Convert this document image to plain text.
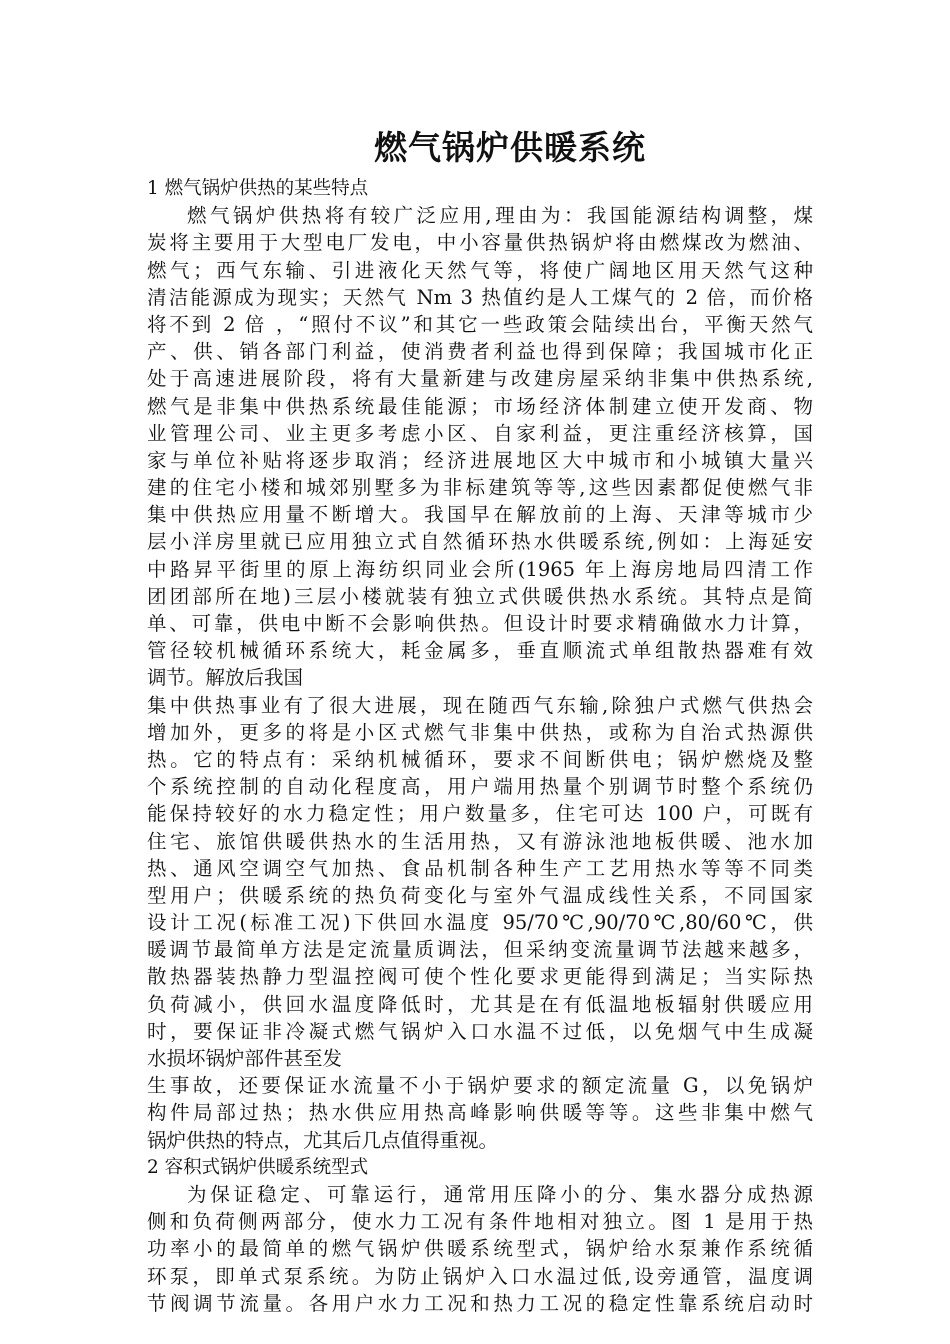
燃气锅炉供暖系统
1 燃气锅炉供热的某些特点
燃气锅炉供热将有较广泛应用,理由为：我国能源结构调整，煤
炭将主要用于大型电厂发电，中小容量供热锅炉将由燃煤改为燃油、
燃气；西气东输、引进液化天然气等，将使广阔地区用天然气这种
清洁能源成为现实；天然气 Nm 3 热值约是人工煤气的 2 倍，而价格
将不到 2 倍 ，“照付不议”和其它一些政策会陆续出台，平衡天然气
产、供、销各部门利益，使消费者利益也得到保障；我国城市化正
处于高速进展阶段，将有大量新建与改建房屋采纳非集中供热系统,
燃气是非集中供热系统最佳能源；市场经济体制建立使开发商、物
业管理公司、业主更多考虑小区、自家利益，更注重经济核算，国
家与单位补贴将逐步取消；经济进展地区大中城市和小城镇大量兴
建的住宅小楼和城郊别墅多为非标建筑等等,这些因素都促使燃气非
集中供热应用量不断增大。我国早在解放前的上海、天津等城市少
层小洋房里就已应用独立式自然循环热水供暖系统,例如：上海延安
中路昇平街里的原上海纺织同业会所(1965 年上海房地局四清工作
团团部所在地)三层小楼就装有独立式供暖供热水系统。其特点是简
单、可靠，供电中断不会影响供热。但设计时要求精确做水力计算，
管径较机械循环系统大，耗金属多，垂直顺流式单组散热器难有效
调节。解放后我国
集中供热事业有了很大进展，现在随西气东输,除独户式燃气供热会
增加外，更多的将是小区式燃气非集中供热，或称为自治式热源供
热。它的特点有：采纳机械循环，要求不间断供电；锅炉燃烧及整
个系统控制的自动化程度高，用户端用热量个别调节时整个系统仍
能保持较好的水力稳定性；用户数量多，住宅可达 100 户，可既有
住宅、旅馆供暖供热水的生活用热，又有游泳池地板供暖、池水加
热、通风空调空气加热、食品机制各种生产工艺用热水等等不同类
型用户；供暖系统的热负荷变化与室外气温成线性关系，不同国家
设计工况(标准工况)下供回水温度 95/70℃,90/70℃,80/60℃，供
暖调节最简单方法是定流量质调法，但采纳变流量调节法越来越多，
散热器装热静力型温控阀可使个性化要求更能得到满足；当实际热
负荷减小，供回水温度降低时，尤其是在有低温地板辐射供暖应用
时，要保证非冷凝式燃气锅炉入口水温不过低，以免烟气中生成凝
水损坏锅炉部件甚至发
生事故，还要保证水流量不小于锅炉要求的额定流量 G，以免锅炉
构件局部过热；热水供应用热高峰影响供暖等等。这些非集中燃气
锅炉供热的特点，尤其后几点值得重视。
2 容积式锅炉供暖系统型式
为保证稳定、可靠运行，通常用压降小的分、集水器分成热源
侧和负荷侧两部分，使水力工况有条件地相对独立。图 1 是用于热
功率小的最简单的燃气锅炉供暖系统型式，锅炉给水泵兼作系统循
环泵，即单式泵系统。为防止锅炉入口水温过低,设旁通管，温度调
节阀调节流量。各用户水力工况和热力工况的稳定性靠系统启动时
